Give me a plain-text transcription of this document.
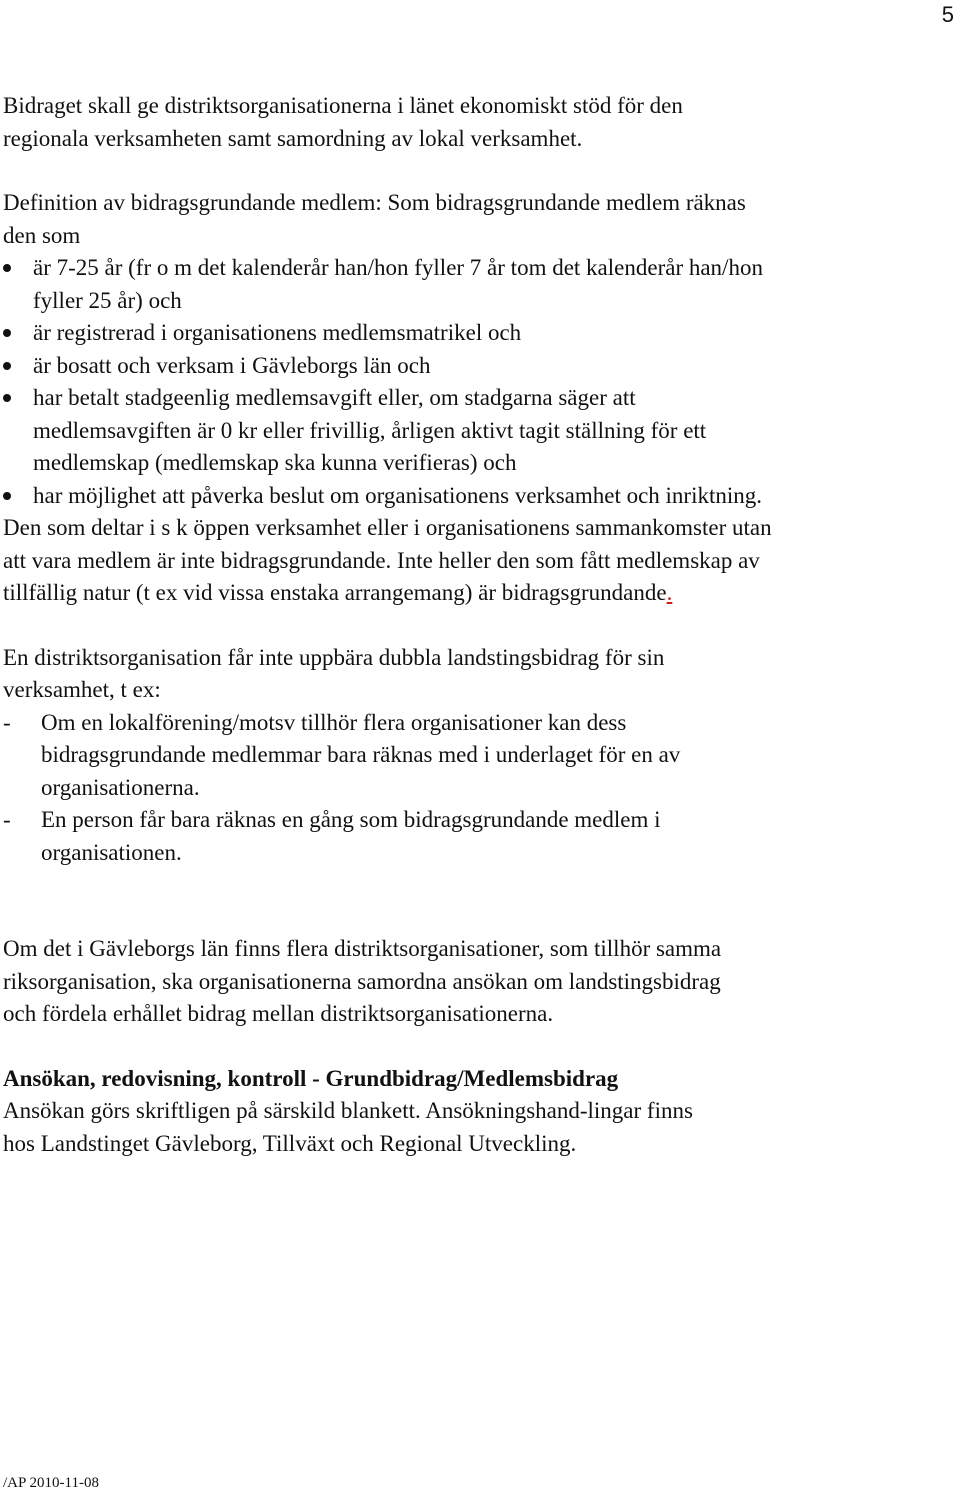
5

Bidraget skall ge distriktsorganisationerna i länet ekonomiskt stöd för den regionala verksamheten samt samordning av lokal verksamhet.

Definition av bidragsgrundande medlem: Som bidragsgrundande medlem räknas den som

är 7-25 år (fr o m det kalenderår han/hon fyller 7 år tom det kalenderår han/hon fyller 25 år) och
är registrerad i organisationens medlemsmatrikel och
är bosatt och verksam i Gävleborgs län och
har betalt stadgeenlig medlemsavgift eller, om stadgarna säger att medlemsavgiften är 0 kr eller frivillig, årligen aktivt tagit ställning för ett medlemskap (medlemskap ska kunna verifieras) och
har möjlighet att påverka beslut om organisationens verksamhet och inriktning.

Den som deltar i s k öppen verksamhet eller i organisationens sammankomster utan att vara medlem är inte bidragsgrundande. Inte heller den som fått medlemskap av tillfällig natur (t ex vid vissa enstaka arrangemang) är bidragsgrundande.

En distriktsorganisation får inte uppbära dubbla landstingsbidrag för sin verksamhet, t ex:

- Om en lokalförening/motsv tillhör flera organisationer kan dess bidragsgrundande medlemmar bara räknas med i underlaget för en av organisationerna.
- En person får bara räknas en gång som bidragsgrundande medlem i organisationen.

Om det i Gävleborgs län finns flera distriktsorganisationer, som tillhör samma riksorganisation, ska organisationerna samordna ansökan om landstingsbidrag och fördela erhållet bidrag mellan distriktsorganisationerna.

Ansökan, redovisning, kontroll - Grundbidrag/Medlemsbidrag

Ansökan görs skriftligen på särskild blankett. Ansökningshand-lingar finns hos Landstinget Gävleborg, Tillväxt och Regional Utveckling.

/AP 2010-11-08
